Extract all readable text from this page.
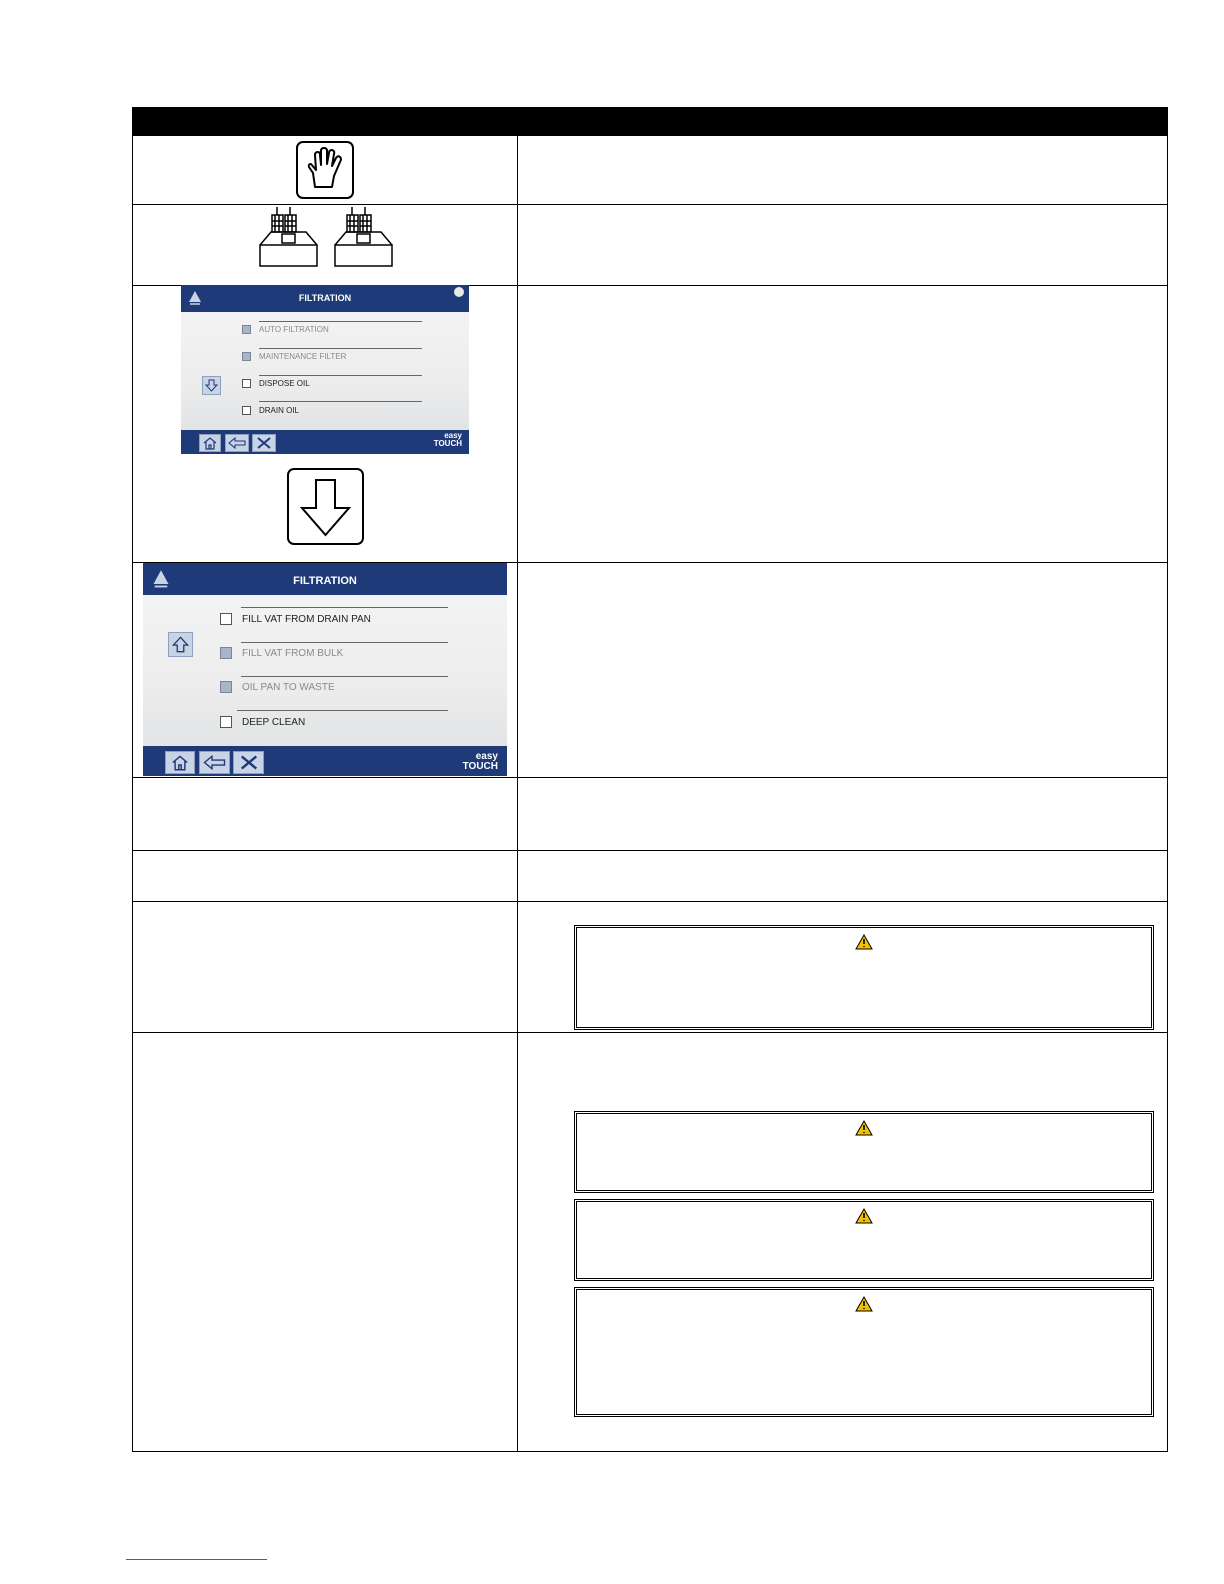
FILTRATION
AUTO FILTRATION
MAINTENANCE FILTER
DISPOSE OIL
DRAIN OIL
easy
TOUCH
FILTRATION
FILL VAT FROM DRAIN PAN
FILL VAT FROM BULK
OIL PAN TO WASTE
DEEP CLEAN
easy
TOUCH
